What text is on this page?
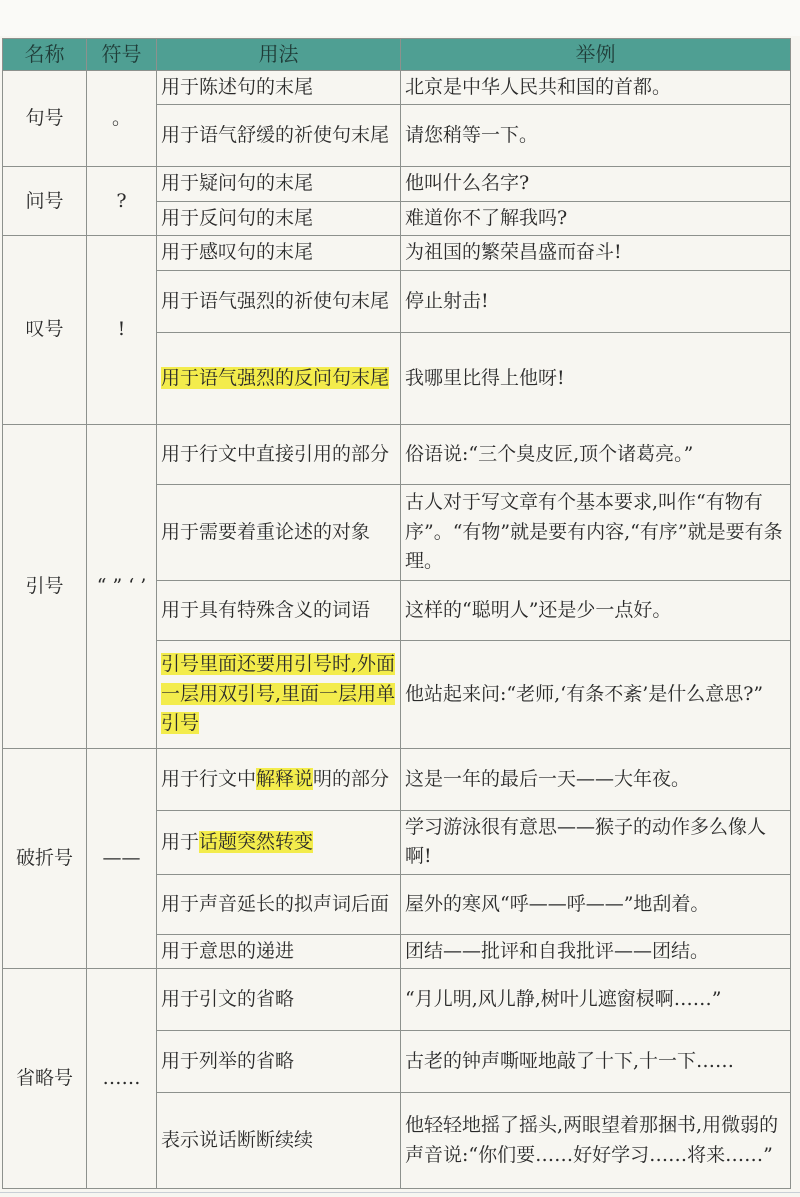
名称	符号	用法	举例
句号	。	用于陈述句的末尾	北京是中华人民共和国的首都。
		用于语气舒缓的祈使句末尾	请您稍等一下。
问号	?	用于疑问句的末尾	他叫什么名字?
		用于反问句的末尾	难道你不了解我吗?
叹号	!	用于感叹句的末尾	为祖国的繁荣昌盛而奋斗!
		用于语气强烈的祈使句末尾	停止射击!
		用于语气强烈的反问句末尾	我哪里比得上他呀!
引号	“ ” ‘ ’	用于行文中直接引用的部分	俗语说:“三个臭皮匠,顶个诸葛亮。”
		用于需要着重论述的对象	古人对于写文章有个基本要求,叫作“有物有序”。“有物”就是要有内容,“有序”就是要有条理。
		用于具有特殊含义的词语	这样的“聪明人”还是少一点好。
		引号里面还要用引号时,外面一层用双引号,里面一层用单引号	他站起来问:“老师,‘有条不紊’是什么意思?”
破折号	——	用于行文中解释说明的部分	这是一年的最后一天——大年夜。
		用于话题突然转变	学习游泳很有意思——猴子的动作多么像人啊!
		用于声音延长的拟声词后面	屋外的寒风“呼——呼——”地刮着。
		用于意思的递进	团结——批评和自我批评——团结。
省略号	……	用于引文的省略	“月儿明,风儿静,树叶儿遮窗棂啊……”
		用于列举的省略	古老的钟声嘶哑地敲了十下,十一下……
		表示说话断断续续	他轻轻地摇了摇头,两眼望着那捆书,用微弱的声音说:“你们要……好好学习……将来……”
